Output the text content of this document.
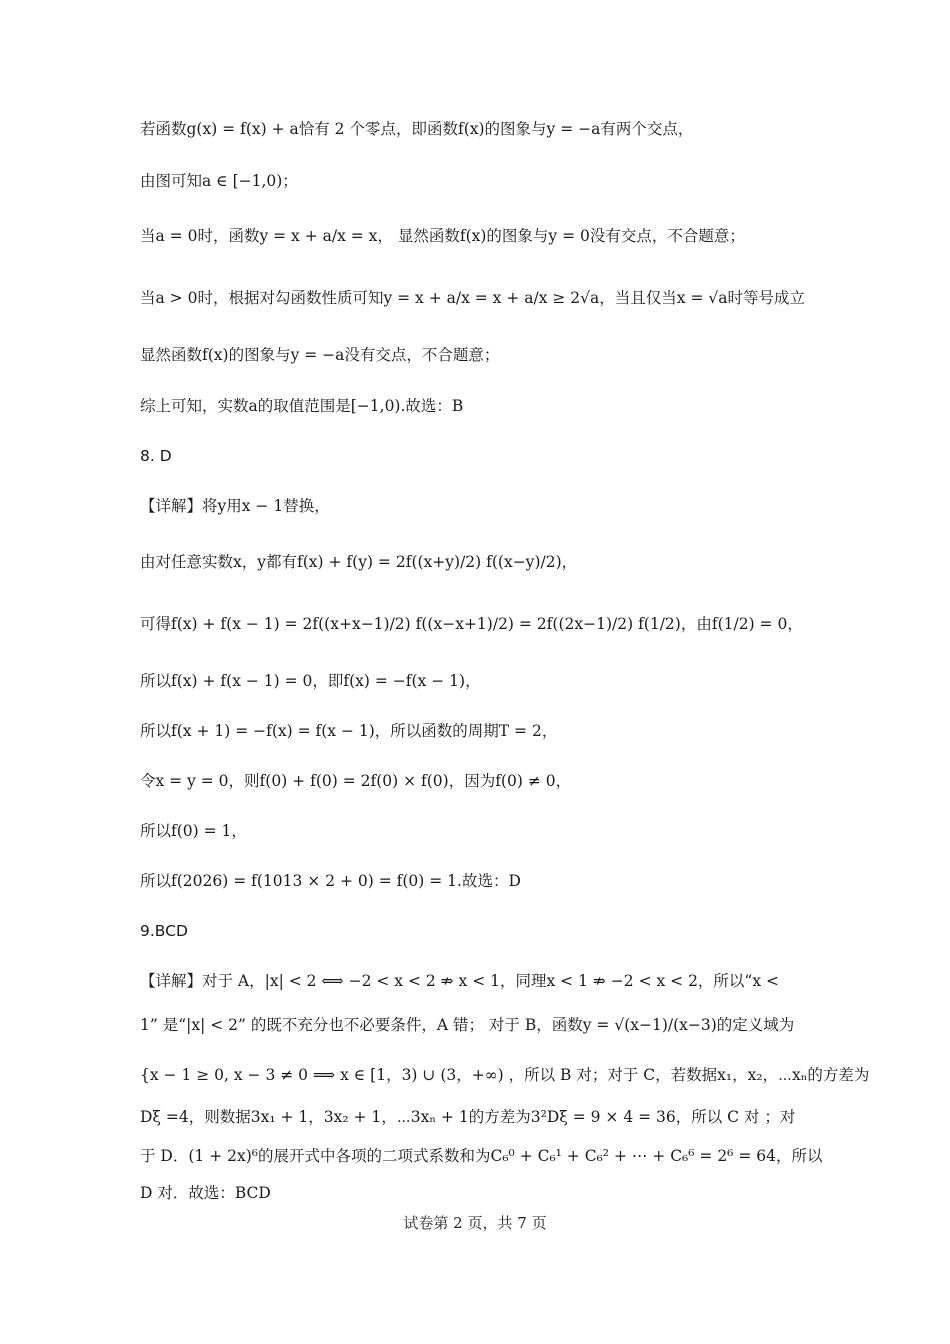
若函数g(x) = f(x) + a恰有 2 个零点，即函数f(x)的图象与y = −a有两个交点，
由图可知a ∈ [−1,0)；
当a = 0时，函数y = x + a/x = x， 显然函数f(x)的图象与y = 0没有交点，不合题意；
当a > 0时，根据对勾函数性质可知y = x + a/x = x + a/x ≥ 2√a，当且仅当x = √a时等号成立
显然函数f(x)的图象与y = −a没有交点，不合题意；
综上可知，实数a的取值范围是[−1,0).故选：B
8. D
【详解】将y用x − 1替换，
由对任意实数x，y都有f(x) + f(y) = 2f((x+y)/2) f((x−y)/2)，
可得f(x) + f(x − 1) = 2f((x+x−1)/2) f((x−x+1)/2) = 2f((2x−1)/2) f(1/2)，由f(1/2) = 0，
所以f(x) + f(x − 1) = 0，即f(x) = −f(x − 1)，
所以f(x + 1) = −f(x) = f(x − 1)，所以函数的周期T = 2，
令x = y = 0，则f(0) + f(0) = 2f(0) × f(0)，因为f(0) ≠ 0，
所以f(0) = 1，
所以f(2026) = f(1013 × 2 + 0) = f(0) = 1.故选：D
9.BCD
【详解】对于 A，|x| < 2 ⟺ −2 < x < 2 ⇏ x < 1，同理x < 1 ⇏ −2 < x < 2，所以“x <
1” 是“|x| < 2” 的既不充分也不必要条件，A 错； 对于 B，函数y = √(x−1)/(x−3)的定义域为
{x − 1 ≥ 0, x − 3 ≠ 0 ⟹ x ∈ [1，3) ∪ (3，+∞) ，所以 B 对；对于 C，若数据x₁，x₂，⋯xₙ的方差为
Dξ =4，则数据3x₁ + 1，3x₂ + 1，⋯3xₙ + 1的方差为3²Dξ = 9 × 4 = 36，所以 C 对 ；对
于 D．(1 + 2x)⁶的展开式中各项的二项式系数和为C₆⁰ + C₆¹ + C₆² + ⋯ + C₆⁶ = 2⁶ = 64，所以
D 对．故选：BCD
试卷第 2 页，共 7 页
